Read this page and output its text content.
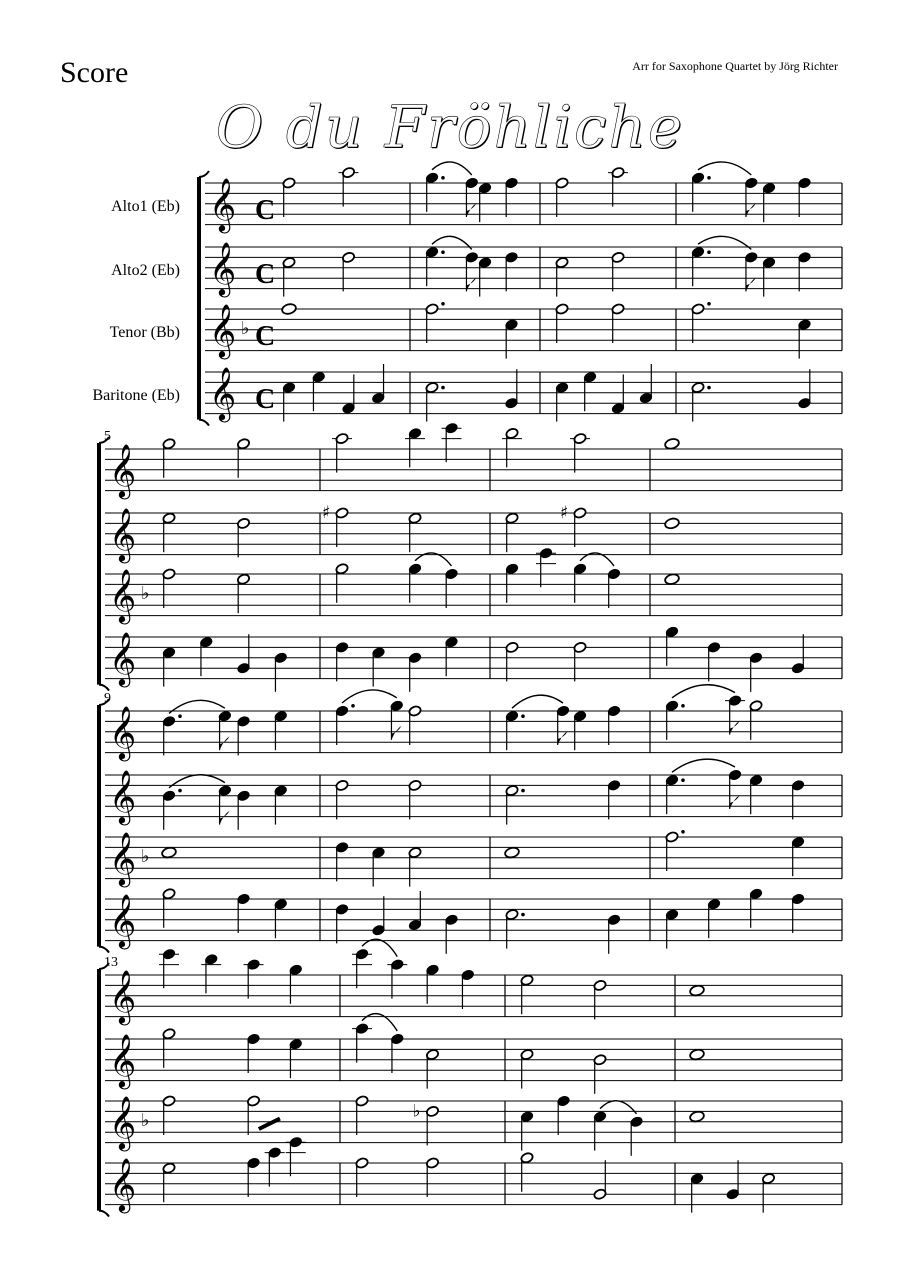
Score	Arr for Saxophone Quartet by Jörg Richter
O du Fröhliche
Alto1 (Eb) 𝄞 C
Alto2 (Eb) 𝄞 C
Tenor (Bb) 𝄞 ♭ C
Baritone (Eb) 𝄞 C
5
𝄞
𝄞	♯	♯
𝄞 ♭
𝄞
9
𝄞
𝄞
𝄞 ♭
𝄞
13
𝄞
𝄞
𝄞 ♭	♭
𝄞
